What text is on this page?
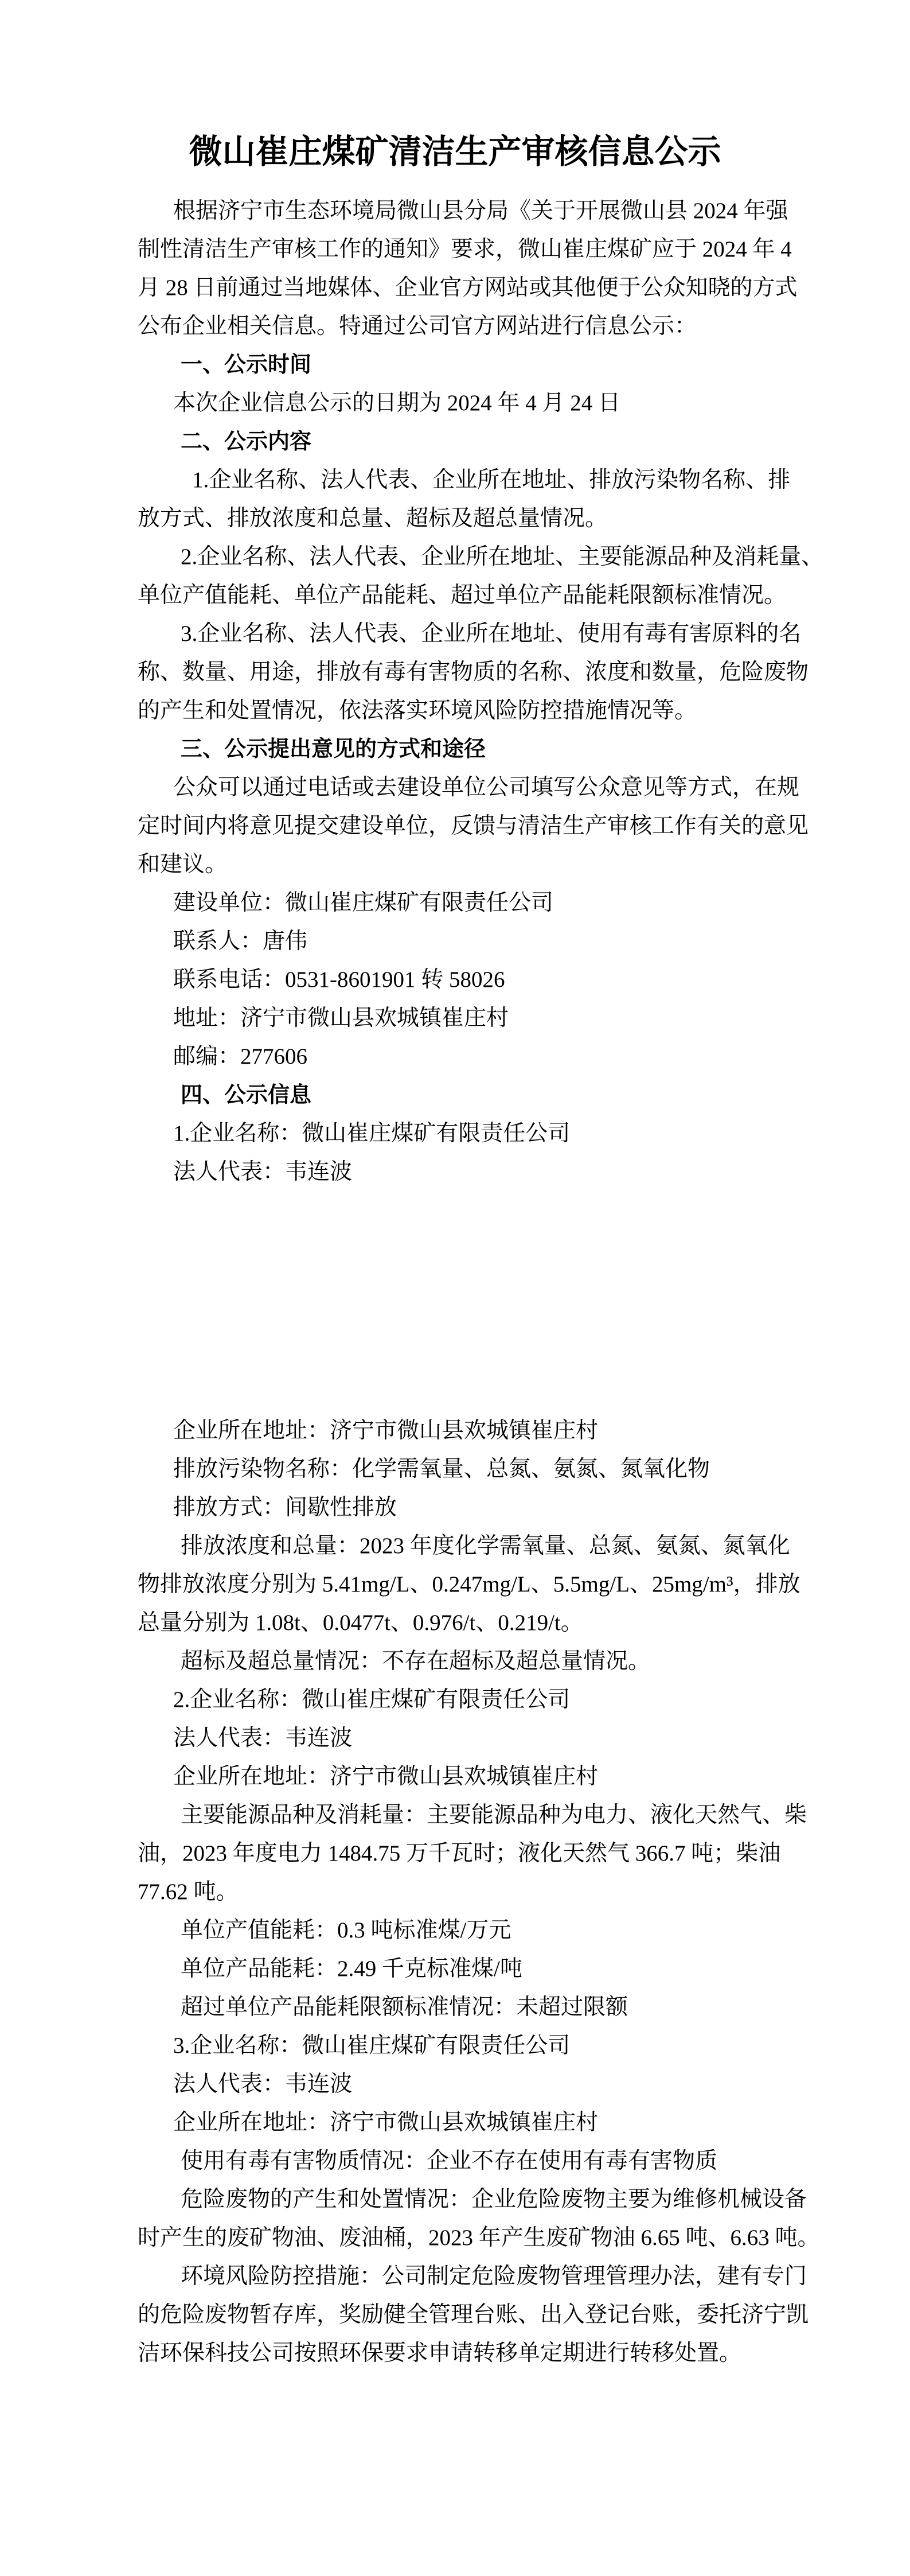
微山崔庄煤矿清洁生产审核信息公示
根据济宁市生态环境局微山县分局《关于开展微山县 2024 年强
制性清洁生产审核工作的通知》要求，微山崔庄煤矿应于 2024 年 4
月 28 日前通过当地媒体、企业官方网站或其他便于公众知晓的方式
公布企业相关信息。特通过公司官方网站进行信息公示：
一、公示时间
本次企业信息公示的日期为 2024 年 4 月 24 日
二、公示内容
1.企业名称、法人代表、企业所在地址、排放污染物名称、排
放方式、排放浓度和总量、超标及超总量情况。
2.企业名称、法人代表、企业所在地址、主要能源品种及消耗量、
单位产值能耗、单位产品能耗、超过单位产品能耗限额标准情况。
3.企业名称、法人代表、企业所在地址、使用有毒有害原料的名
称、数量、用途，排放有毒有害物质的名称、浓度和数量，危险废物
的产生和处置情况，依法落实环境风险防控措施情况等。
三、公示提出意见的方式和途径
公众可以通过电话或去建设单位公司填写公众意见等方式，在规
定时间内将意见提交建设单位，反馈与清洁生产审核工作有关的意见
和建议。
建设单位：微山崔庄煤矿有限责任公司
联系人：唐伟
联系电话：0531-8601901 转 58026
地址：济宁市微山县欢城镇崔庄村
邮编：277606
四、公示信息
1.企业名称：微山崔庄煤矿有限责任公司
法人代表：韦连波
企业所在地址：济宁市微山县欢城镇崔庄村
排放污染物名称：化学需氧量、总氮、氨氮、氮氧化物
排放方式：间歇性排放
排放浓度和总量：2023 年度化学需氧量、总氮、氨氮、氮氧化
物排放浓度分别为 5.41mg/L、0.247mg/L、5.5mg/L、25mg/m³，排放
总量分别为 1.08t、0.0477t、0.976/t、0.219/t。
超标及超总量情况：不存在超标及超总量情况。
2.企业名称：微山崔庄煤矿有限责任公司
法人代表：韦连波
企业所在地址：济宁市微山县欢城镇崔庄村
主要能源品种及消耗量：主要能源品种为电力、液化天然气、柴
油，2023 年度电力 1484.75 万千瓦时；液化天然气 366.7 吨；柴油
77.62 吨。
单位产值能耗：0.3 吨标准煤/万元
单位产品能耗：2.49 千克标准煤/吨
超过单位产品能耗限额标准情况：未超过限额
3.企业名称：微山崔庄煤矿有限责任公司
法人代表：韦连波
企业所在地址：济宁市微山县欢城镇崔庄村
使用有毒有害物质情况：企业不存在使用有毒有害物质
危险废物的产生和处置情况：企业危险废物主要为维修机械设备
时产生的废矿物油、废油桶，2023 年产生废矿物油 6.65 吨、6.63 吨。
环境风险防控措施：公司制定危险废物管理管理办法，建有专门
的危险废物暂存库，奖励健全管理台账、出入登记台账，委托济宁凯
洁环保科技公司按照环保要求申请转移单定期进行转移处置。
